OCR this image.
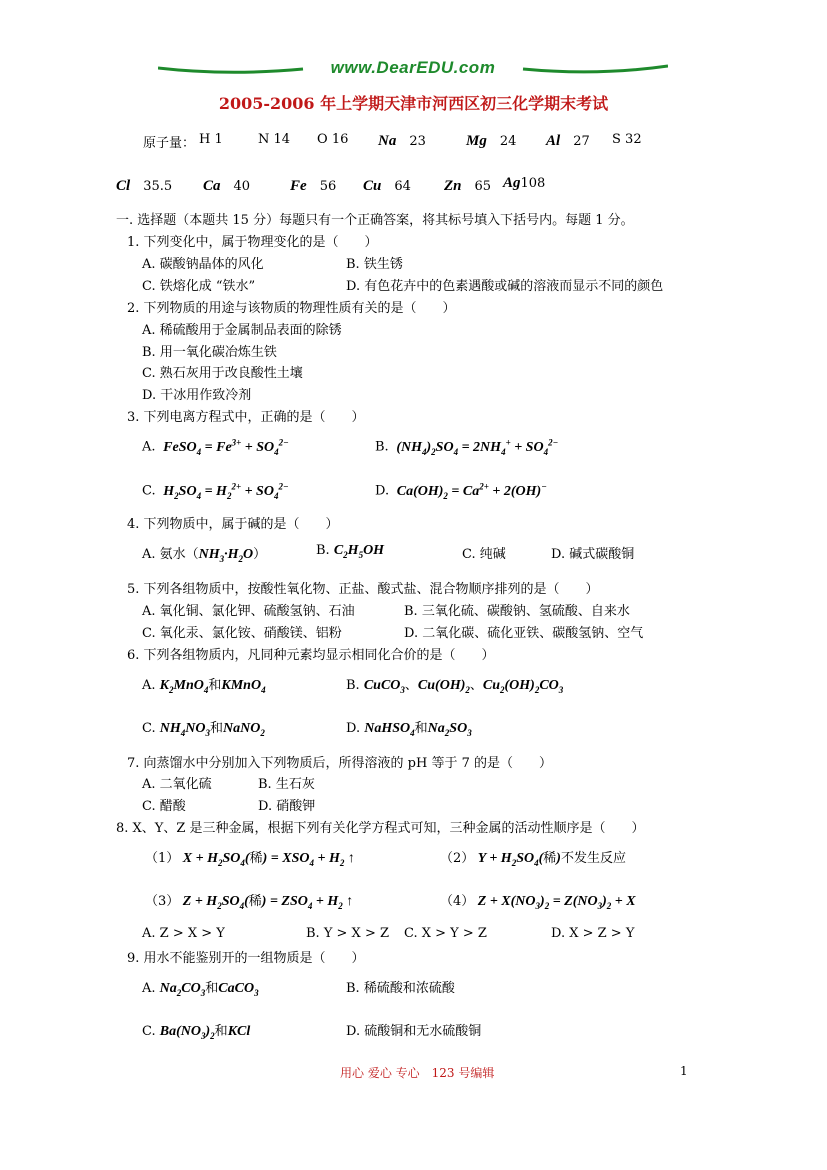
www.DearEDU.com
2005-2006 年上学期天津市河西区初三化学期末考试
原子量： H 1	N 14 O 16 Na　 23	Mg　 24 Al　 27 S 32
Cl　 35.5 Ca　 40	Fe　 56 Cu　 64 Zn　 65 Ag108
一. 选择题（本题共 15 分）每题只有一个正确答案，将其标号填入下括号内。每题 1 分。
1. 下列变化中，属于物理变化的是（　　）
A. 碳酸钠晶体的风化	B. 铁生锈
C. 铁熔化成 “铁水”	D. 有色花卉中的色素遇酸或碱的溶液而显示不同的颜色
2. 下列物质的用途与该物质的物理性质有关的是（　　）
A. 稀硫酸用于金属制品表面的除锈
B. 用一氧化碳冶炼生铁
C. 熟石灰用于改良酸性土壤
D. 干冰用作致冷剂
3. 下列电离方程式中，正确的是（　　）
A.  FeSO$_4$ = $Fe^{3+} + SO_4^{2-}$	B.  $(NH_4)_2SO_4 = 2NH_4^+ + SO_4^{2-}$
C.  $H_2SO_4 = H_2^{2+} + SO_4^{2-}$	D.  $Ca(OH)_2 = Ca^{2+} + 2(OH)^-$
4. 下列物质中，属于碱的是（　　）
A. 氨水$(NH_3\cdot H_2O)$	B. $C_2H_5OH$	C. 纯碱	D. 碱式碳酸铜
5. 下列各组物质中，按酸性氧化物、正盐、酸式盐、混合物顺序排列的是（　　）
A. 氧化铜、氯化钾、硫酸氢钠、石油	B. 三氧化硫、碳酸钠、氢硫酸、自来水
C. 氧化汞、氯化铵、硝酸镁、铝粉	D. 二氧化碳、硫化亚铁、碳酸氢钠、空气
6. 下列各组物质内，凡同种元素均显示相同化合价的是（　　）
A. $K_2MnO_4$和KMnO$_4$	B. CuCO$_3$、$Cu(OH)_2$、$Cu_2(OH)_2CO_3$
C. $NH_4NO_3$和NaNO$_2$	D. NaHSO$_4$和$Na_2SO_3$
7. 向蒸馏水中分别加入下列物质后，所得溶液的 pH 等于 7 的是（　　）
A. 二氧化硫	B. 生石灰
C. 醋酸	D. 硝酸钾
8. X、Y、Z 是三种金属，根据下列有关化学方程式可知，三种金属的活动性顺序是（　　）
（1） $X + H_2SO_4$(稀) = $XSO_4 + H_2$ ↑	（2） $Y + H_2SO_4$(稀)不发生反应
（3） $Z + H_2SO_4$(稀) = $ZSO_4 + H_2$ ↑	（4） $Z + X(NO_3)_2 = Z(NO_3)_2 + X$
A. Z > X > Y	B. Y > X > Z C. X > Y > Z	D. X > Z > Y
9. 用水不能鉴别开的一组物质是（　　）
A. $Na_2CO_3$和CaCO$_3$	B. 稀硫酸和浓硫酸
C. $Ba(NO_3)_2$和KCl	D. 硫酸铜和无水硫酸铜
用心 爱心 专心　123 号编辑	1
